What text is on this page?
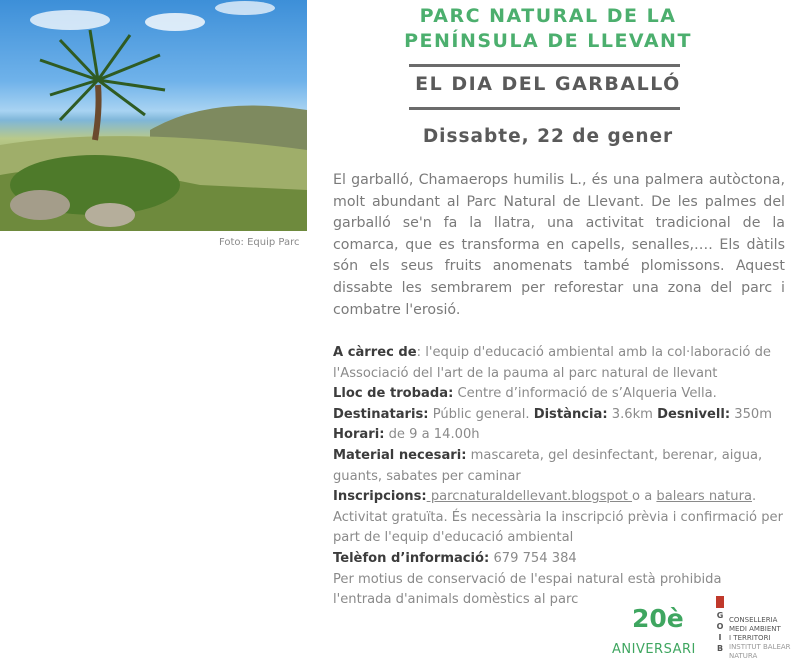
Foto: Equip Parc
PARC NATURAL DE LA
PENÍNSULA DE LLEVANT
EL DIA DEL GARBALLÓ
Dissabte, 22 de gener
El garballó, Chamaerops humilis L., és una palmera autòctona, molt abundant al Parc Natural de Llevant. De les palmes del garballó se'n fa la llatra, una activitat tradicional de la comarca, que es transforma en capells, senalles,…. Els dàtils són els seus fruits anomenats també plomissons. Aquest dissabte les sembrarem per reforestar una zona del parc i combatre l'erosió.
A càrrec de: l'equip d'educació ambiental amb la col·laboració de l'Associació del l'art de la pauma al parc natural de llevant
Lloc de trobada: Centre d’informació de s’Alqueria Vella.
Destinataris: Públic general. Distància: 3.6km Desnivell: 350m
Horari: de 9 a 14.00h
Material necesari: mascareta, gel desinfectant, berenar, aigua, guants, sabates per caminar
Inscripcions: parcnaturaldellevant.blogspot o a balears natura.
Activitat gratuïta. És necessària la inscripció prèvia i confirmació per part de l'equip d'educació ambiental
Telèfon d’informació: 679 754 384
Per motius de conservació de l'espai natural està prohibida l'entrada d'animals domèstics al parc
20è
ANIVERSARI
G
O
I
B
CONSELLERIA
MEDI AMBIENT
I TERRITORI
INSTITUT BALEAR
NATURA
